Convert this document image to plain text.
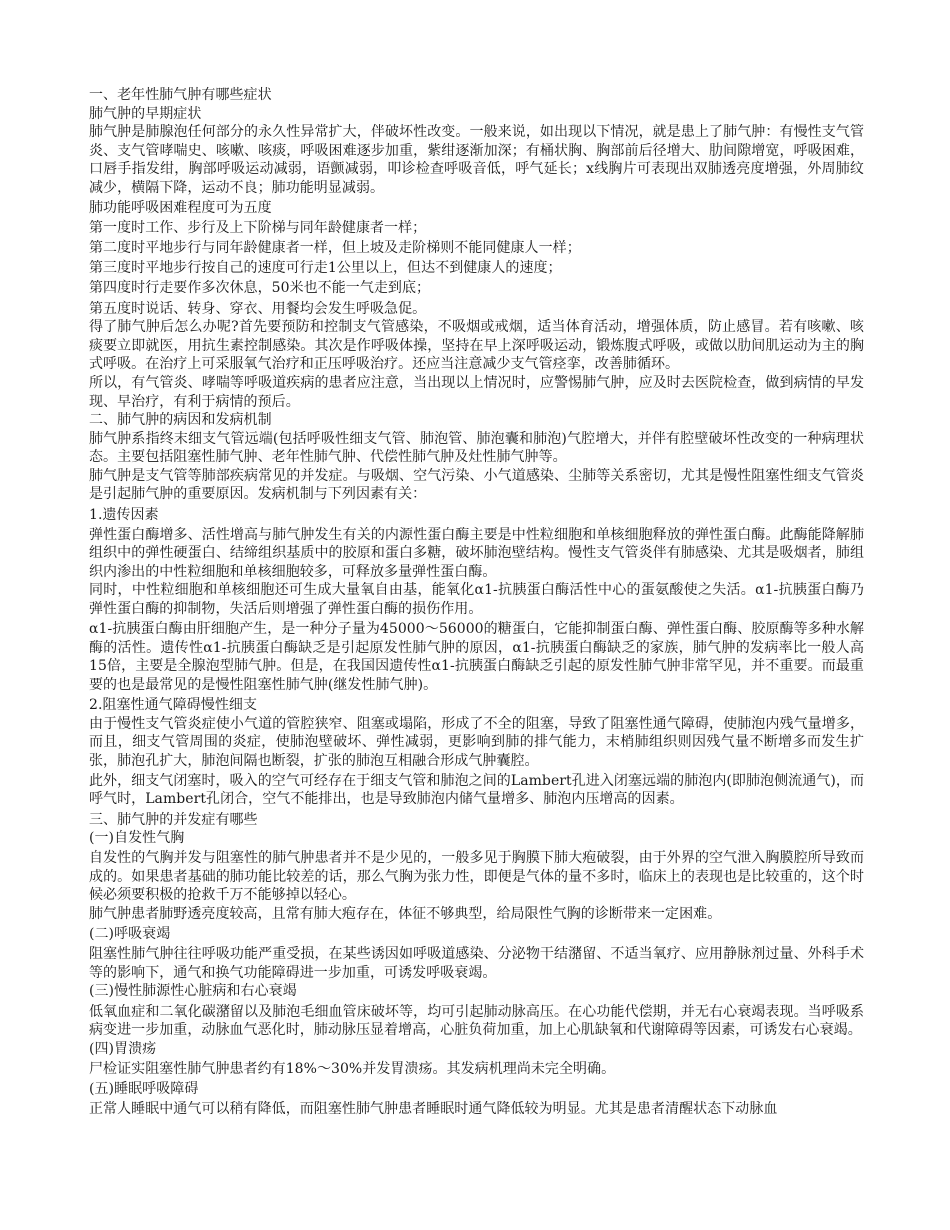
一、老年性肺气肿有哪些症状

肺气肿的早期症状

肺气肿是肺腺泡任何部分的永久性异常扩大，伴破坏性改变。一般来说，如出现以下情况，就是患上了肺气肿：有慢性支气管炎、支气管哮喘史、咳嗽、咳痰，呼吸困难逐步加重，紫绀逐渐加深；有桶状胸、胸部前后径增大、肋间隙增宽，呼吸困难，口唇手指发绀，胸部呼吸运动减弱，语颤减弱，叩诊检查呼吸音低，呼气延长；x线胸片可表现出双肺透亮度增强，外周肺纹减少，横隔下降，运动不良；肺功能明显减弱。

肺功能呼吸困难程度可为五度

第一度时工作、步行及上下阶梯与同年龄健康者一样；

第二度时平地步行与同年龄健康者一样，但上坡及走阶梯则不能同健康人一样；

第三度时平地步行按自己的速度可行走1公里以上，但达不到健康人的速度；

第四度时行走要作多次休息，50米也不能一气走到底；

第五度时说话、转身、穿衣、用餐均会发生呼吸急促。

得了肺气肿后怎么办呢?首先要预防和控制支气管感染，不吸烟或戒烟，适当体育活动，增强体质，防止感冒。若有咳嗽、咳痰要立即就医，用抗生素控制感染。其次是作呼吸体操，坚持在早上深呼吸运动，锻炼腹式呼吸，或做以肋间肌运动为主的胸式呼吸。在治疗上可采服氧气治疗和正压呼吸治疗。还应当注意减少支气管痉挛，改善肺循环。

所以，有气管炎、哮喘等呼吸道疾病的患者应注意，当出现以上情况时，应警惕肺气肿，应及时去医院检查，做到病情的早发现、早治疗，有利于病情的预后。

二、肺气肿的病因和发病机制

肺气肿系指终末细支气管远端(包括呼吸性细支气管、肺泡管、肺泡囊和肺泡)气腔增大，并伴有腔壁破坏性改变的一种病理状态。主要包括阻塞性肺气肿、老年性肺气肿、代偿性肺气肿及灶性肺气肿等。

肺气肿是支气管等肺部疾病常见的并发症。与吸烟、空气污染、小气道感染、尘肺等关系密切，尤其是慢性阻塞性细支气管炎是引起肺气肿的重要原因。发病机制与下列因素有关：

1.遗传因素

弹性蛋白酶增多、活性增高与肺气肿发生有关的内源性蛋白酶主要是中性粒细胞和单核细胞释放的弹性蛋白酶。此酶能降解肺组织中的弹性硬蛋白、结缔组织基质中的胶原和蛋白多糖，破坏肺泡壁结构。慢性支气管炎伴有肺感染、尤其是吸烟者，肺组织内渗出的中性粒细胞和单核细胞较多，可释放多量弹性蛋白酶。

同时，中性粒细胞和单核细胞还可生成大量氧自由基，能氧化α1-抗胰蛋白酶活性中心的蛋氨酸使之失活。α1-抗胰蛋白酶乃弹性蛋白酶的抑制物，失活后则增强了弹性蛋白酶的损伤作用。

α1-抗胰蛋白酶由肝细胞产生，是一种分子量为45000～56000的糖蛋白，它能抑制蛋白酶、弹性蛋白酶、胶原酶等多种水解酶的活性。遗传性α1-抗胰蛋白酶缺乏是引起原发性肺气肿的原因，α1-抗胰蛋白酶缺乏的家族，肺气肿的发病率比一般人高15倍，主要是全腺泡型肺气肿。但是，在我国因遗传性α1-抗胰蛋白酶缺乏引起的原发性肺气肿非常罕见，并不重要。而最重要的也是最常见的是慢性阻塞性肺气肿(继发性肺气肿)。

2.阻塞性通气障碍慢性细支

由于慢性支气管炎症使小气道的管腔狭窄、阻塞或塌陷，形成了不全的阻塞，导致了阻塞性通气障碍，使肺泡内残气量增多，而且，细支气管周围的炎症，使肺泡壁破坏、弹性减弱，更影响到肺的排气能力，末梢肺组织则因残气量不断增多而发生扩张，肺泡孔扩大，肺泡间隔也断裂，扩张的肺泡互相融合形成气肿囊腔。

此外，细支气闭塞时，吸入的空气可经存在于细支气管和肺泡之间的Lambert孔进入闭塞远端的肺泡内(即肺泡侧流通气)，而呼气时，Lambert孔闭合，空气不能排出，也是导致肺泡内储气量增多、肺泡内压增高的因素。

三、肺气肿的并发症有哪些

(一)自发性气胸

自发性的气胸并发与阻塞性的肺气肿患者并不是少见的，一般多见于胸膜下肺大疱破裂，由于外界的空气泄入胸膜腔所导致而成的。如果患者基础的肺功能比较差的话，那么气胸为张力性，即便是气体的量不多时，临床上的表现也是比较重的，这个时候必须要积极的抢救千万不能够掉以轻心。

肺气肿患者肺野透亮度较高，且常有肺大疱存在，体征不够典型，给局限性气胸的诊断带来一定困难。

(二)呼吸衰竭

阻塞性肺气肿往往呼吸功能严重受损，在某些诱因如呼吸道感染、分泌物干结潴留、不适当氧疗、应用静脉剂过量、外科手术等的影响下，通气和换气功能障碍进一步加重，可诱发呼吸衰竭。

(三)慢性肺源性心脏病和右心衰竭

低氧血症和二氧化碳潴留以及肺泡毛细血管床破坏等，均可引起肺动脉高压。在心功能代偿期，并无右心衰竭表现。当呼吸系病变进一步加重，动脉血气恶化时，肺动脉压显着增高，心脏负荷加重，加上心肌缺氧和代谢障碍等因素，可诱发右心衰竭。

(四)胃溃疡

尸检证实阻塞性肺气肿患者约有18%～30%并发胃溃疡。其发病机理尚未完全明确。

(五)睡眠呼吸障碍

正常人睡眠中通气可以稍有降低，而阻塞性肺气肿患者睡眠时通气降低较为明显。尤其是患者清醒状态下动脉血
